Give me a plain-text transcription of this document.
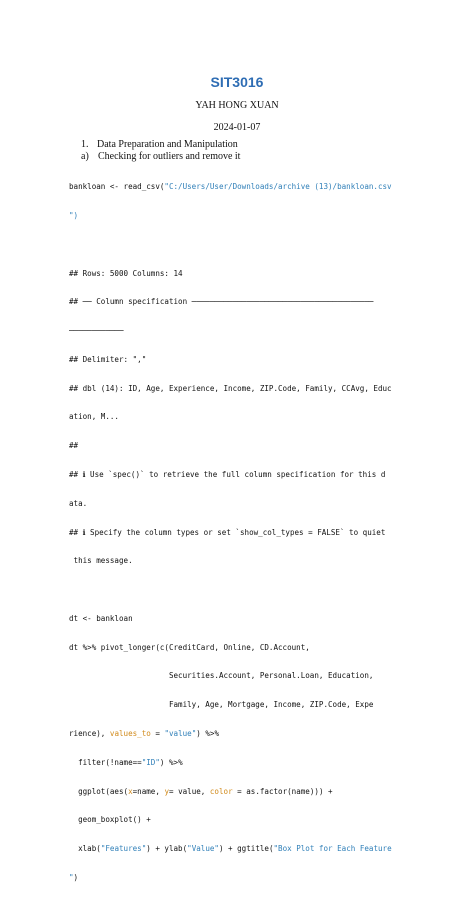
SIT3016
YAH HONG XUAN
2024-01-07
1. Data Preparation and Manipulation
a) Checking for outliers and remove it

bankloan <- read_csv("C:/Users/User/Downloads/archive (13)/bankloan.csv

")

## Rows: 5000 Columns: 14

## ── Column specification ────────────────────────────────────────

────────────

## Delimiter: ","

## dbl (14): ID, Age, Experience, Income, ZIP.Code, Family, CCAvg, Educ

ation, M...

##

## ℹ Use `spec()` to retrieve the full column specification for this d

ata.

## ℹ Specify the column types or set `show_col_types = FALSE` to quiet

this message.

dt <- bankloan

dt %>% pivot_longer(c(CreditCard, Online, CD.Account,

Securities.Account, Personal.Loan, Education,

Family, Age, Mortgage, Income, ZIP.Code, Expe

rience), values_to = "value") %>%

filter(!name=="ID") %>%

ggplot(aes(x=name, y= value, color = as.factor(name))) +

geom_boxplot() +

xlab("Features") + ylab("Value") + ggtitle("Box Plot for Each Feature

")
